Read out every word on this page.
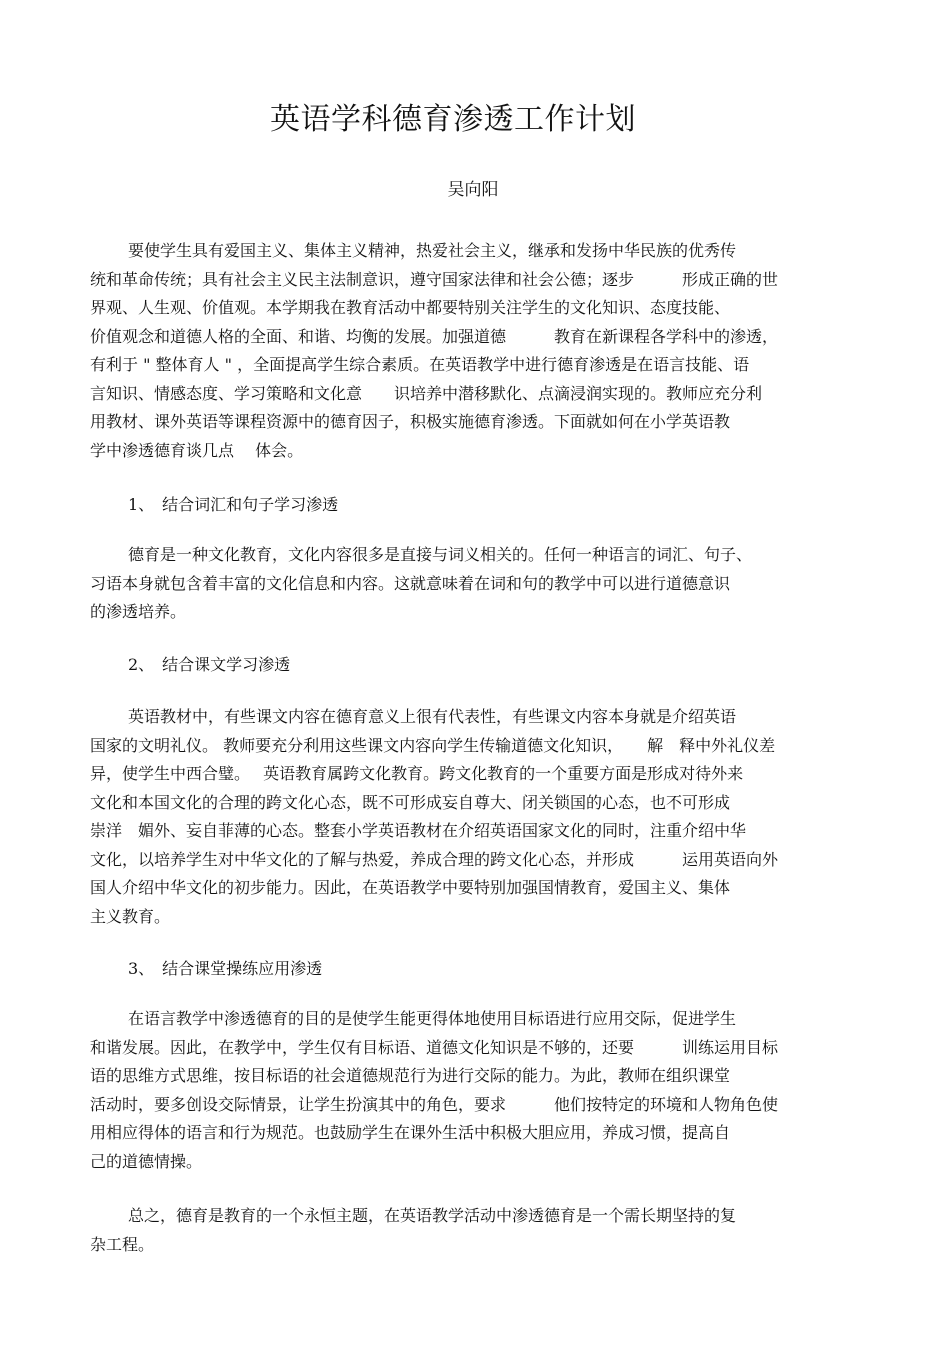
英语学科德育渗透工作计划
吴向阳
要使学生具有爱国主义、集体主义精神，热爱社会主义，继承和发扬中华民族的优秀传
统和革命传统；具有社会主义民主法制意识，遵守国家法律和社会公德；逐步　　　形成正确的世
界观、人生观、价值观。本学期我在教育活动中都要特别关注学生的文化知识、态度技能、
价值观念和道德人格的全面、和谐、均衡的发展。加强道德　　　教育在新课程各学科中的渗透，
有利于 " 整体育人 " ，全面提高学生综合素质。在英语教学中进行德育渗透是在语言技能、语
言知识、情感态度、学习策略和文化意　　识培养中潜移默化、点滴浸润实现的。教师应充分利
用教材、课外英语等课程资源中的德育因子，积极实施德育渗透。下面就如何在小学英语教
学中渗透德育谈几点　 体会。
1、　结合词汇和句子学习渗透
德育是一种文化教育，文化内容很多是直接与词义相关的。任何一种语言的词汇、句子、
习语本身就包含着丰富的文化信息和内容。这就意味着在词和句的教学中可以进行道德意识
的渗透培养。
2、　结合课文学习渗透
英语教材中，有些课文内容在德育意义上很有代表性，有些课文内容本身就是介绍英语
国家的文明礼仪。 教师要充分利用这些课文内容向学生传输道德文化知识，　　解　释中外礼仪差
异，使学生中西合璧。　 英语教育属跨文化教育。跨文化教育的一个重要方面是形成对待外来
文化和本国文化的合理的跨文化心态，既不可形成妄自尊大、闭关锁国的心态，也不可形成
崇洋　媚外、妄自菲薄的心态。整套小学英语教材在介绍英语国家文化的同时，注重介绍中华
文化，以培养学生对中华文化的了解与热爱，养成合理的跨文化心态，并形成　　　运用英语向外
国人介绍中华文化的初步能力。因此，在英语教学中要特别加强国情教育，爱国主义、集体
主义教育。
3、　结合课堂操练应用渗透
在语言教学中渗透德育的目的是使学生能更得体地使用目标语进行应用交际，促进学生
和谐发展。因此，在教学中，学生仅有目标语、道德文化知识是不够的，还要　　　训练运用目标
语的思维方式思维，按目标语的社会道德规范行为进行交际的能力。为此，教师在组织课堂
活动时，要多创设交际情景，让学生扮演其中的角色，要求　　　他们按特定的环境和人物角色使
用相应得体的语言和行为规范。也鼓励学生在课外生活中积极大胆应用，养成习惯，提高自
己的道德情操。
总之，德育是教育的一个永恒主题，在英语教学活动中渗透德育是一个需长期坚持的复
杂工程。
